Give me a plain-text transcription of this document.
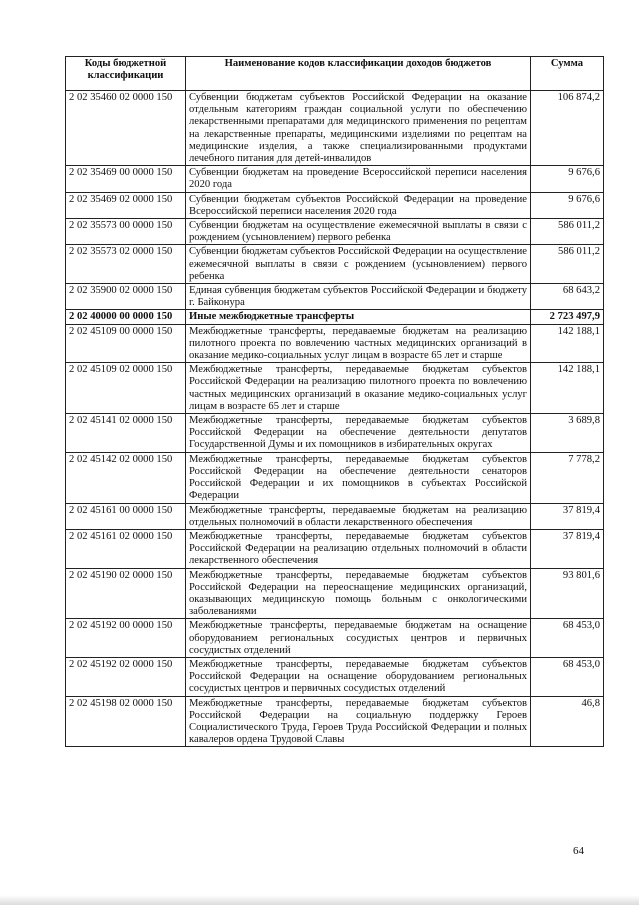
Коды бюджетной классификации	Наименование кодов классификации доходов бюджетов	Сумма
2 02 35460 02 0000 150	Субвенции бюджетам субъектов Российской Федерации на оказание отдельным категориям граждан социальной услуги по обеспечению лекарственными препаратами для медицинского применения по рецептам на лекарственные препараты, медицинскими изделиями по рецептам на медицинские изделия, а также специализированными продуктами лечебного питания для детей-инвалидов	106 874,2
2 02 35469 00 0000 150	Субвенции бюджетам на проведение Всероссийской переписи населения 2020 года	9 676,6
2 02 35469 02 0000 150	Субвенции бюджетам субъектов Российской Федерации на проведение Всероссийской переписи населения 2020 года	9 676,6
2 02 35573 00 0000 150	Субвенции бюджетам на осуществление ежемесячной выплаты в связи с рождением (усыновлением) первого ребенка	586 011,2
2 02 35573 02 0000 150	Субвенции бюджетам субъектов Российской Федерации на осуществление ежемесячной выплаты в связи с рождением (усыновлением) первого ребенка	586 011,2
2 02 35900 02 0000 150	Единая субвенция бюджетам субъектов Российской Федерации и бюджету г. Байконура	68 643,2
2 02 40000 00 0000 150	Иные межбюджетные трансферты	2 723 497,9
2 02 45109 00 0000 150	Межбюджетные трансферты, передаваемые бюджетам на реализацию пилотного проекта по вовлечению частных медицинских организаций в оказание медико-социальных услуг лицам в возрасте 65 лет и старше	142 188,1
2 02 45109 02 0000 150	Межбюджетные трансферты, передаваемые бюджетам субъектов Российской Федерации на реализацию пилотного проекта по вовлечению частных медицинских организаций в оказание медико-социальных услуг лицам в возрасте 65 лет и старше	142 188,1
2 02 45141 02 0000 150	Межбюджетные трансферты, передаваемые бюджетам субъектов Российской Федерации на обеспечение деятельности депутатов Государственной Думы и их помощников в избирательных округах	3 689,8
2 02 45142 02 0000 150	Межбюджетные трансферты, передаваемые бюджетам субъектов Российской Федерации на обеспечение деятельности сенаторов Российской Федерации и их помощников в субъектах Российской Федерации	7 778,2
2 02 45161 00 0000 150	Межбюджетные трансферты, передаваемые бюджетам на реализацию отдельных полномочий в области лекарственного обеспечения	37 819,4
2 02 45161 02 0000 150	Межбюджетные трансферты, передаваемые бюджетам субъектов Российской Федерации на реализацию отдельных полномочий в области лекарственного обеспечения	37 819,4
2 02 45190 02 0000 150	Межбюджетные трансферты, передаваемые бюджетам субъектов Российской Федерации на переоснащение медицинских организаций, оказывающих медицинскую помощь больным с онкологическими заболеваниями	93 801,6
2 02 45192 00 0000 150	Межбюджетные трансферты, передаваемые бюджетам на оснащение оборудованием региональных сосудистых центров и первичных сосудистых отделений	68 453,0
2 02 45192 02 0000 150	Межбюджетные трансферты, передаваемые бюджетам субъектов Российской Федерации на оснащение оборудованием региональных сосудистых центров и первичных сосудистых отделений	68 453,0
2 02 45198 02 0000 150	Межбюджетные трансферты, передаваемые бюджетам субъектов Российской Федерации на социальную поддержку Героев Социалистического Труда, Героев Труда Российской Федерации и полных кавалеров ордена Трудовой Славы	46,8
64
